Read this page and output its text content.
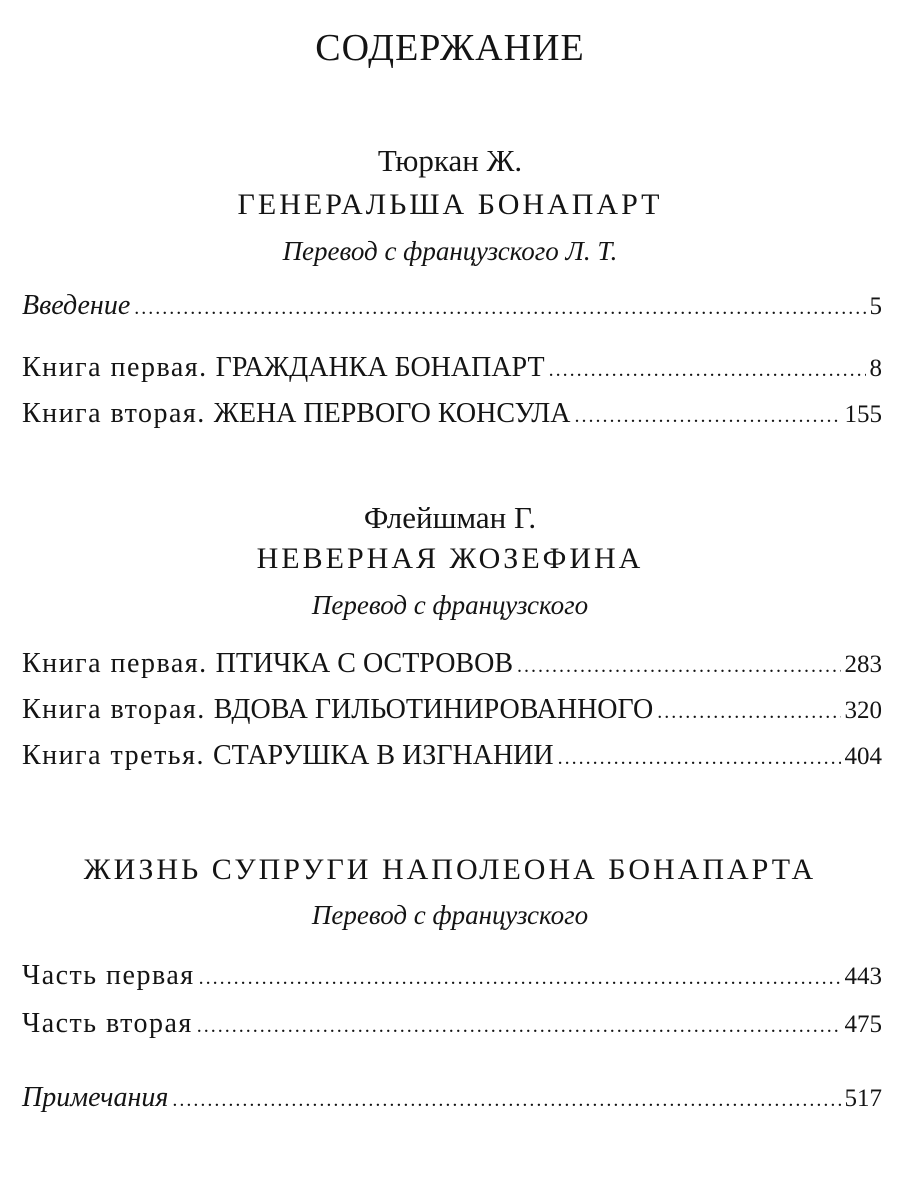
СОДЕРЖАНИЕ
Тюркан Ж.
ГЕНЕРАЛЬША БОНАПАРТ
Перевод с французского Л. Т.
Введение .....	5
Книга первая. ГРАЖДАНКА БОНАПАРТ .....	8
Книга вторая. ЖЕНА ПЕРВОГО КОНСУЛА .....	155
Флейшман Г.
НЕВЕРНАЯ ЖОЗЕФИНА
Перевод с французского
Книга первая. ПТИЧКА С ОСТРОВОВ .....	283
Книга вторая. ВДОВА ГИЛЬОТИНИРОВАННОГО .....	320
Книга третья. СТАРУШКА В ИЗГНАНИИ .....	404
ЖИЗНЬ СУПРУГИ НАПОЛЕОНА БОНАПАРТА
Перевод с французского
Часть первая .....	443
Часть вторая .....	475
Примечания .....	517
